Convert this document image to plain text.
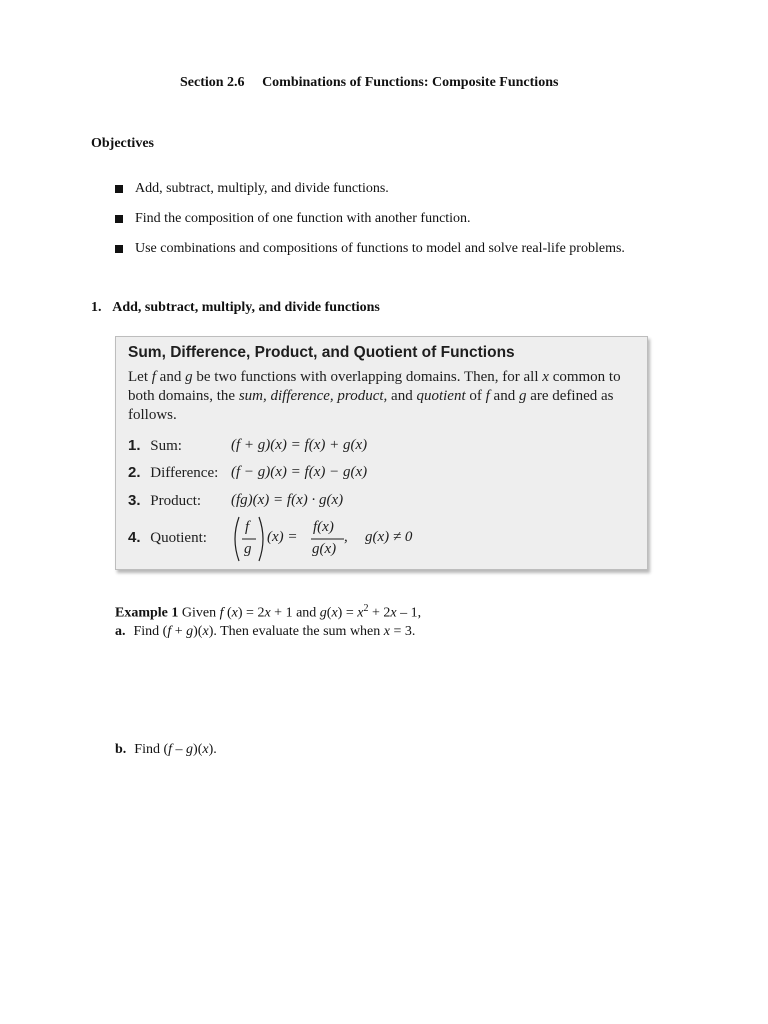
Section 2.6 Combinations of Functions: Composite Functions
Objectives
Add, subtract, multiply, and divide functions.
Find the composition of one function with another function.
Use combinations and compositions of functions to model and solve real-life problems.
1. Add, subtract, multiply, and divide functions
Sum, Difference, Product, and Quotient of Functions
Let f and g be two functions with overlapping domains. Then, for all x common to both domains, the sum, difference, product, and quotient of f and g are defined as follows.
1. Sum:	(f + g)(x) = f(x) + g(x)
2. Difference: (f − g)(x) = f(x) − g(x)
3. Product: (fg)(x) = f(x) · g(x)
4. Quotient:
f
g
(x) =
f(x)
g(x)
, g(x) ≠ 0
Example 1 Given f (x) = 2x + 1 and $g(x) = x^2 + 2x - 1$,
a. Find (f + g)(x). Then evaluate the sum when x = 3.
b. Find (f – g)(x).
